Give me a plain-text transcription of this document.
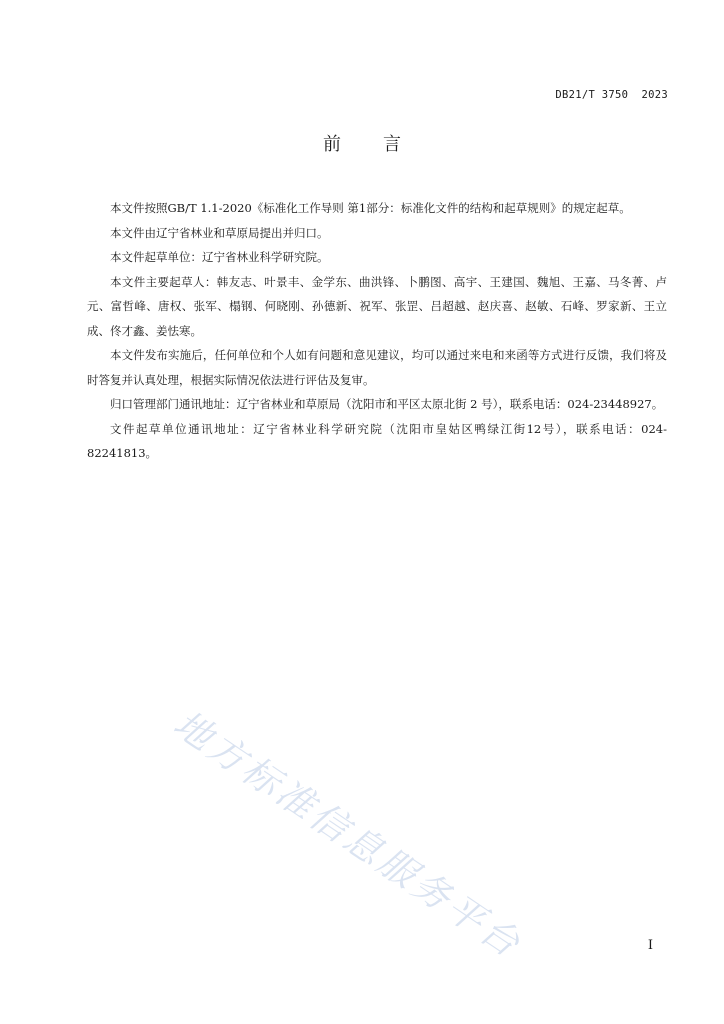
DB21/T 3750  2023
前言

本文件按照GB/T 1.1-2020《标准化工作导则 第1部分：标准化文件的结构和起草规则》的规定起草。

本文件由辽宁省林业和草原局提出并归口。

本文件起草单位：辽宁省林业科学研究院。

本文件主要起草人：韩友志、叶景丰、金学东、曲洪锋、卜鹏图、高宇、王建国、魏旭、王嘉、马冬菁、卢元、富哲峰、唐权、张军、榻钢、何晓刚、孙德新、祝军、张罡、吕超越、赵庆喜、赵敏、石峰、罗家新、王立成、佟才鑫、姜怯寒。

本文件发布实施后，任何单位和个人如有问题和意见建议，均可以通过来电和来函等方式进行反馈，我们将及时答复并认真处理，根据实际情况依法进行评估及复审。

归口管理部门通讯地址：辽宁省林业和草原局（沈阳市和平区太原北街 2 号），联系电话：024-23448927。

文件起草单位通讯地址：辽宁省林业科学研究院（沈阳市皇姑区鸭绿江街12号），联系电话：024-82241813。

地方标准信息服务平台	I
